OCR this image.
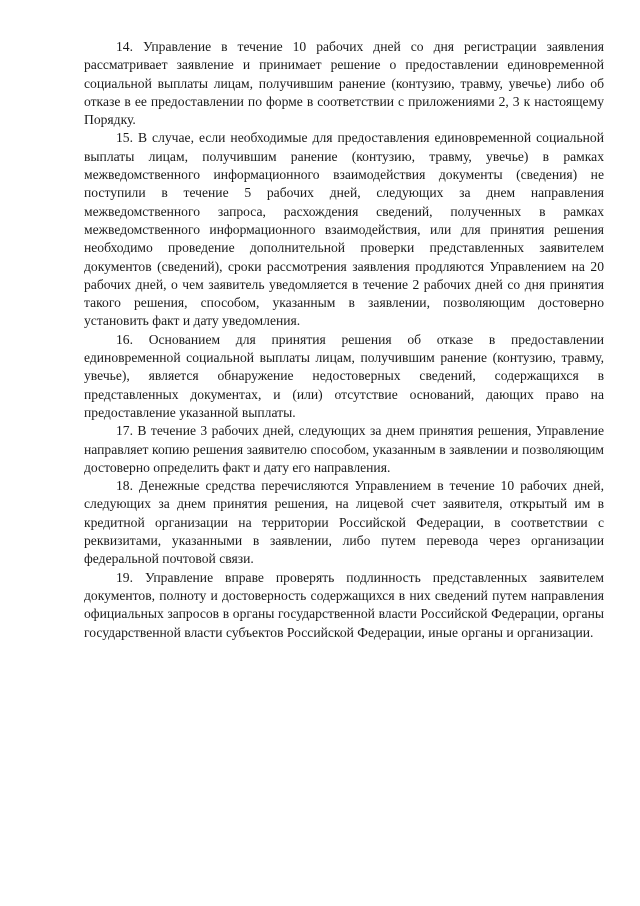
14. Управление в течение 10 рабочих дней со дня регистрации заявления рассматривает заявление и принимает решение о предоставлении единовременной социальной выплаты лицам, получившим ранение (контузию, травму, увечье) либо об отказе в ее предоставлении по форме в соответствии с приложениями 2, 3 к настоящему Порядку.

15. В случае, если необходимые для предоставления единовременной социальной выплаты лицам, получившим ранение (контузию, травму, увечье) в рамках межведомственного информационного взаимодействия документы (сведения) не поступили в течение 5 рабочих дней, следующих за днем направления межведомственного запроса, расхождения сведений, полученных в рамках межведомственного информационного взаимодействия, или для принятия решения необходимо проведение дополнительной проверки представленных заявителем документов (сведений), сроки рассмотрения заявления продляются Управлением на 20 рабочих дней, о чем заявитель уведомляется в течение 2 рабочих дней со дня принятия такого решения, способом, указанным в заявлении, позволяющим достоверно установить факт и дату уведомления.

16. Основанием для принятия решения об отказе в предоставлении единовременной социальной выплаты лицам, получившим ранение (контузию, травму, увечье), является обнаружение недостоверных сведений, содержащихся в представленных документах, и (или) отсутствие оснований, дающих право на предоставление указанной выплаты.

17. В течение 3 рабочих дней, следующих за днем принятия решения, Управление направляет копию решения заявителю способом, указанным в заявлении и позволяющим достоверно определить факт и дату его направления.

18. Денежные средства перечисляются Управлением в течение 10 рабочих дней, следующих за днем принятия решения, на лицевой счет заявителя, открытый им в кредитной организации на территории Российской Федерации, в соответствии с реквизитами, указанными в заявлении, либо путем перевода через организации федеральной почтовой связи.

19. Управление вправе проверять подлинность представленных заявителем документов, полноту и достоверность содержащихся в них сведений путем направления официальных запросов в органы государственной власти Российской Федерации, органы государственной власти субъектов Российской Федерации, иные органы и организации.
